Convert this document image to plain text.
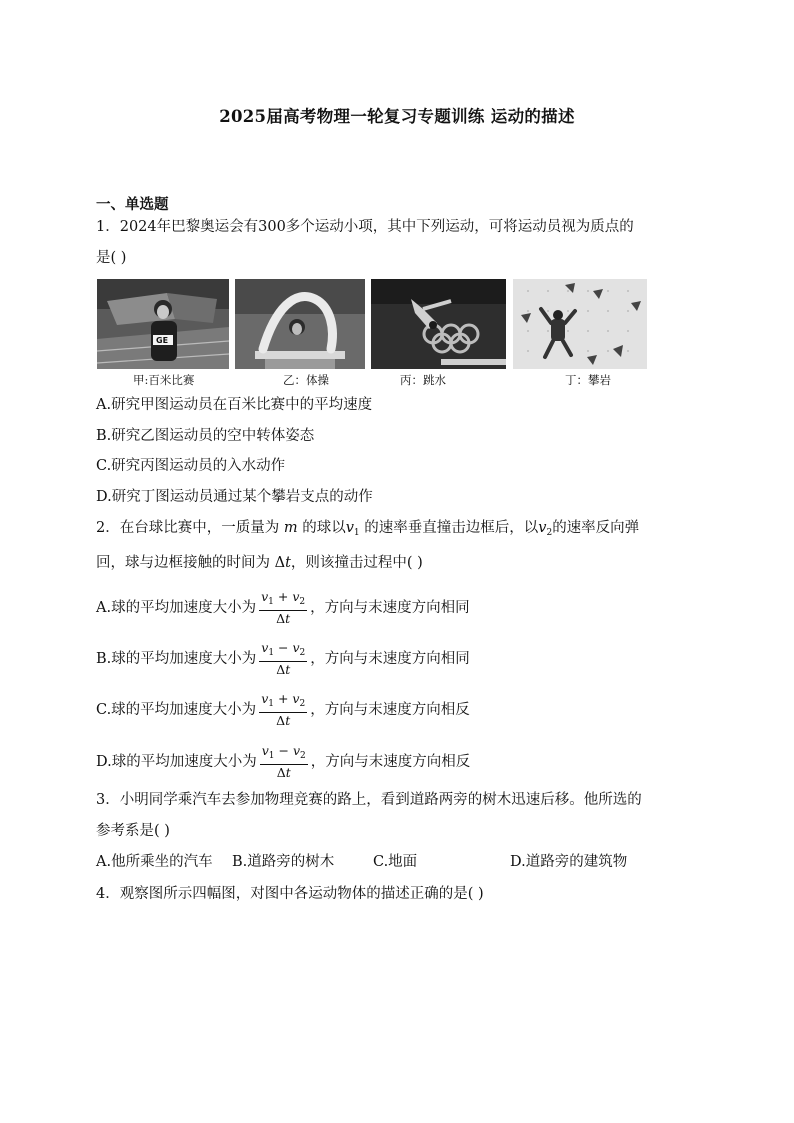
2025届高考物理一轮复习专题训练 运动的描述
一、单选题
1．2024年巴黎奥运会有300多个运动小项，其中下列运动，可将运动员视为质点的
是( )
GE
甲:百米比赛	乙：体操	丙：跳水	丁：攀岩
A.研究甲图运动员在百米比赛中的平均速度
B.研究乙图运动员的空中转体姿态
C.研究丙图运动员的入水动作
D.研究丁图运动员通过某个攀岩支点的动作
2．在台球比赛中，一质量为 m 的球以$v_1$ 的速率垂直撞击边框后，以$v_2$的速率反向弹
回，球与边框接触的时间为 Δt，则该撞击过程中( )
A.球的平均加速度大小为 $\frac{v_1 + v_2}{\Delta t}$ ，方向与末速度方向相同
B.球的平均加速度大小为 $\frac{v_1 - v_2}{\Delta t}$ ，方向与末速度方向相同
C.球的平均加速度大小为 $\frac{v_1 + v_2}{\Delta t}$ ，方向与末速度方向相反
D.球的平均加速度大小为 $\frac{v_1 - v_2}{\Delta t}$ ，方向与末速度方向相反
3．小明同学乘汽车去参加物理竞赛的路上，看到道路两旁的树木迅速后移。他所选的
参考系是( )
A.他所乘坐的汽车 B.道路旁的树木	C.地面	D.道路旁的建筑物
4．观察图所示四幅图，对图中各运动物体的描述正确的是( )
